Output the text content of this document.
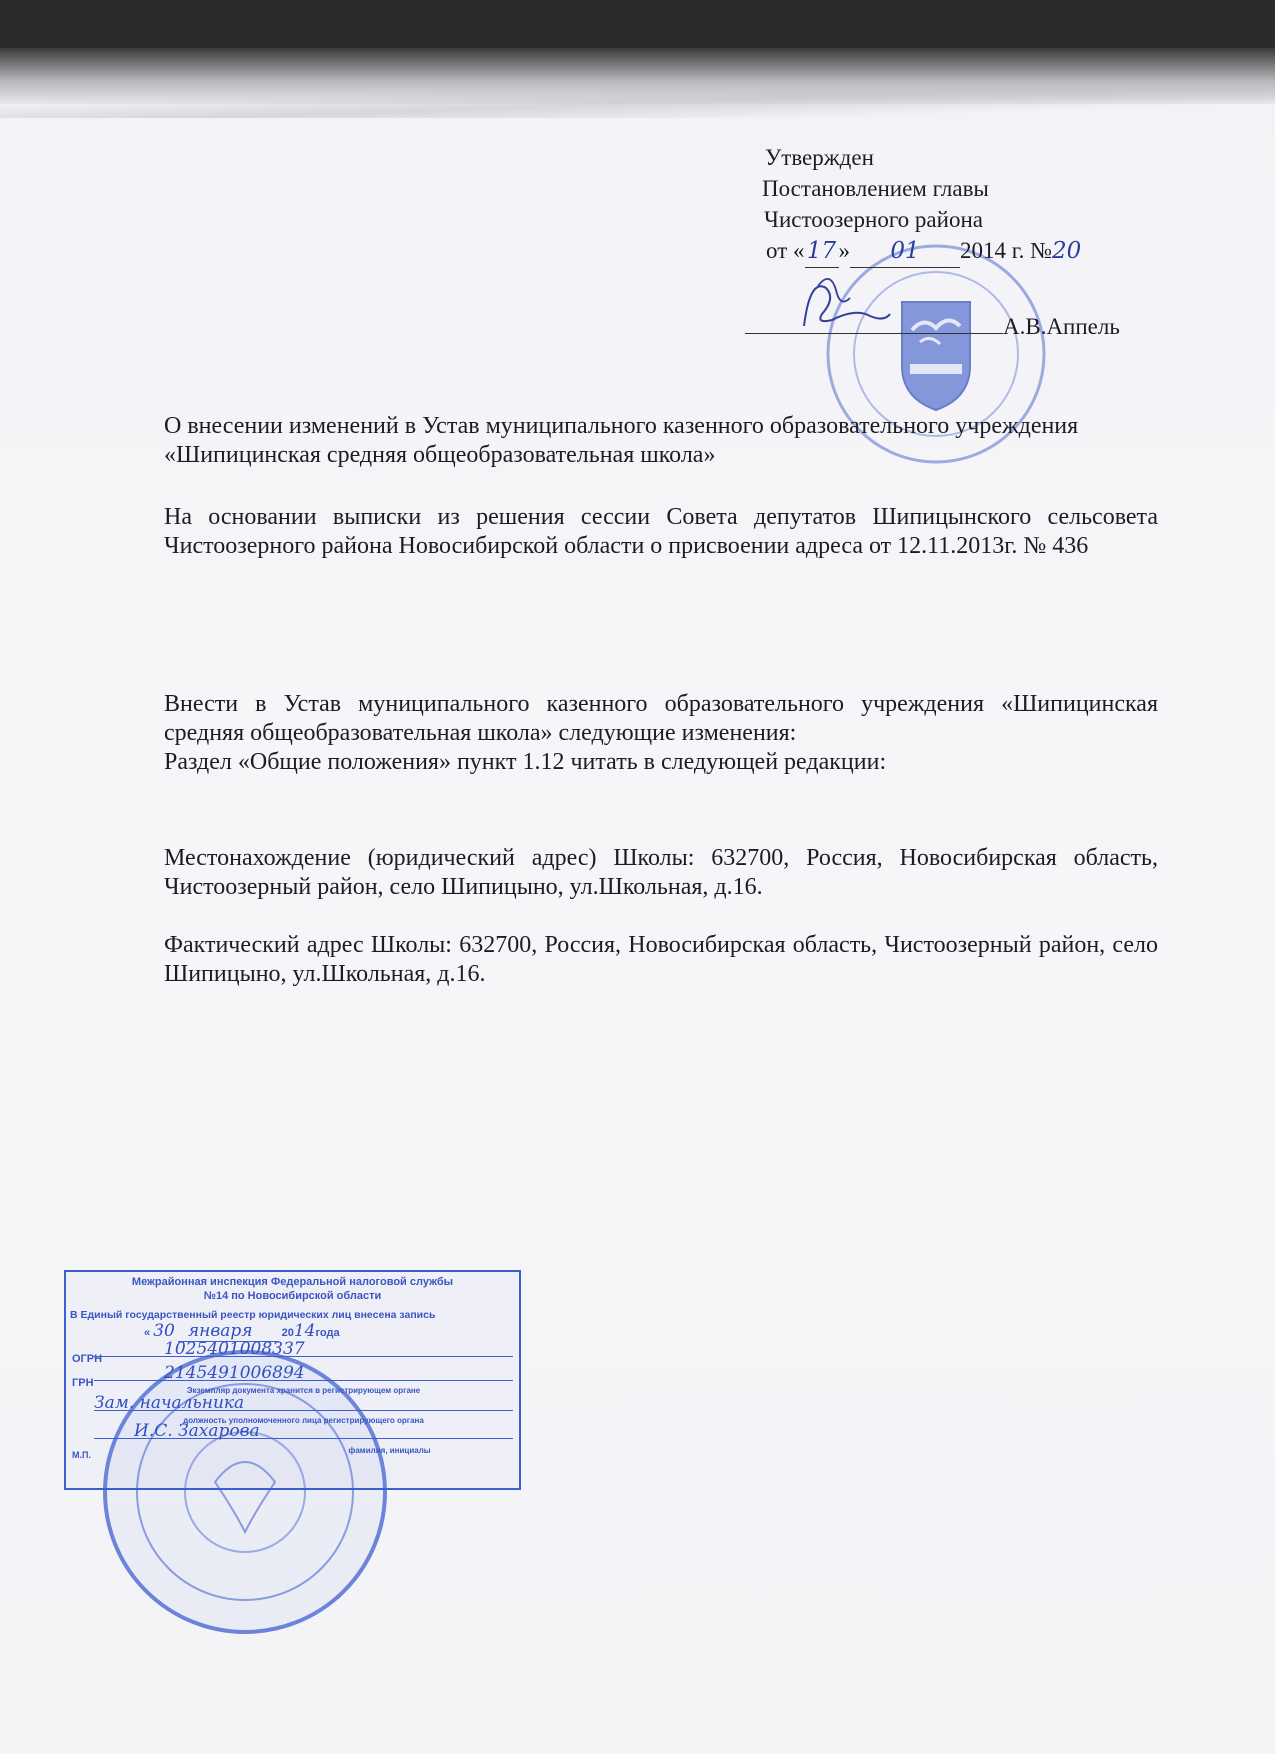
Утвержден
Постановлением главы
Чистоозерного района
от « 17 » 01 2014 г. №20
А.В.Аппель
О внесении изменений в Устав муниципального казенного образовательного учреждения «Шипицинская средняя общеобразовательная школа»
На основании выписки из решения сессии Совета депутатов Шипицынского сельсовета Чистоозерного района Новосибирской области о присвоении адреса от 12.11.2013г. № 436

Внести в Устав муниципального казенного образовательного учреждения «Шипицинская средняя общеобразовательная школа» следующие изменения:

Раздел «Общие положения» пункт 1.12 читать в следующей редакции:

Местонахождение (юридический адрес) Школы: 632700, Россия, Новосибирская область, Чистоозерный район, село Шипицыно, ул.Школьная, д.16.
Фактический адрес Школы: 632700, Россия, Новосибирская область, Чистоозерный район, село Шипицыно, ул.Школьная, д.16.
Межрайонная инспекция Федеральной налоговой службы
№14 по Новосибирской области
В Единый государственный реестр юридических лиц внесена запись
« 30 января	2014года
ОГРН	1025401008337
ГРН	2145491006894
Экземпляр документа хранится в регистрирующем органе
Зам. начальника
должность уполномоченного лица регистрирующего органа
И.С. Захарова
фамилия, инициалы
М.П.
